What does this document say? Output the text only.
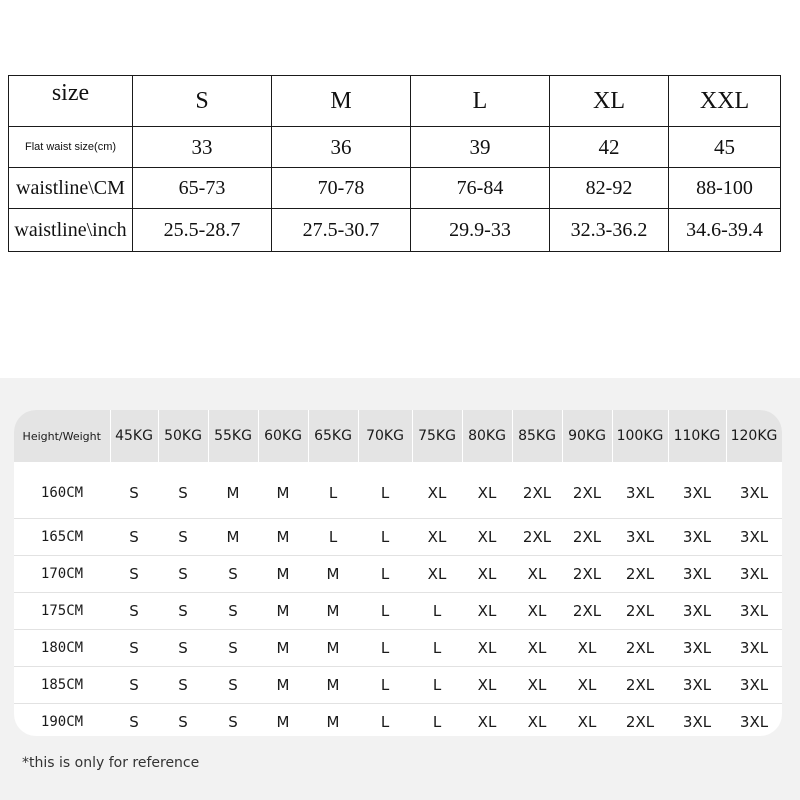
size	S	M	L	XL	XXL
Flat waist size(cm)	33	36	39	42	45
waistline\CM	65-73	70-78	76-84	82-92	88-100
waistline\inch	25.5-28.7	27.5-30.7	29.9-33	32.3-36.2	34.6-39.4
Height/Weight	45KG	50KG	55KG	60KG	65KG	70KG	75KG	80KG	85KG	90KG	100KG	110KG	120KG
160CM	S	S	M	M	L	L	XL	XL	2XL	2XL	3XL	3XL	3XL
165CM	S	S	M	M	L	L	XL	XL	2XL	2XL	3XL	3XL	3XL
170CM	S	S	S	M	M	L	XL	XL	XL	2XL	2XL	3XL	3XL
175CM	S	S	S	M	M	L	L	XL	XL	2XL	2XL	3XL	3XL
180CM	S	S	S	M	M	L	L	XL	XL	XL	2XL	3XL	3XL
185CM	S	S	S	M	M	L	L	XL	XL	XL	2XL	3XL	3XL
190CM	S	S	S	M	M	L	L	XL	XL	XL	2XL	3XL	3XL
*this is only for reference
